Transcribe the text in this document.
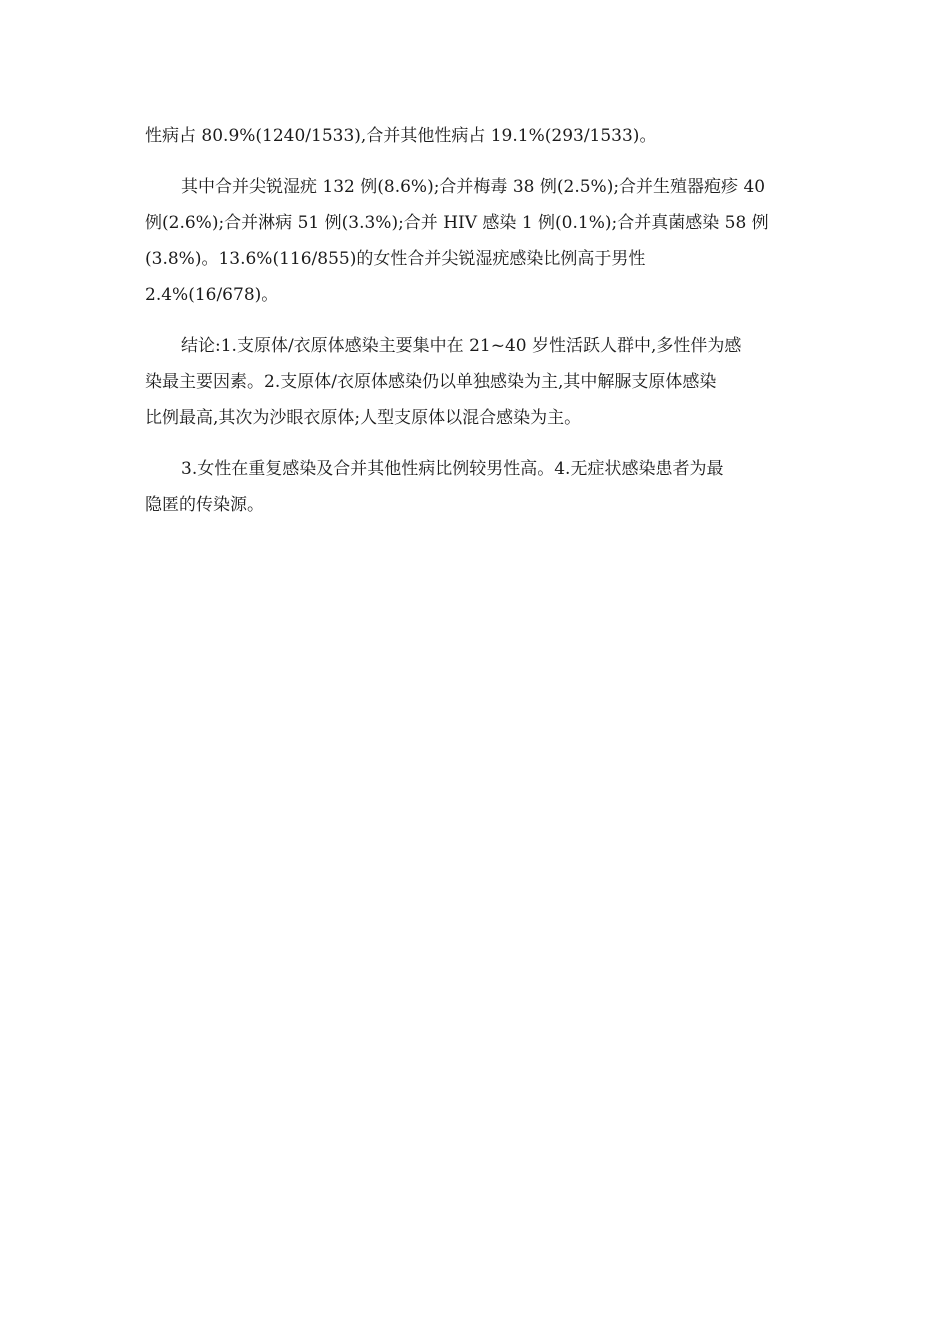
性病占 80.9%(1240/1533),合并其他性病占 19.1%(293/1533)。

其中合并尖锐湿疣 132 例(8.6%);合并梅毒 38 例(2.5%);合并生殖器疱疹 40
例(2.6%);合并淋病 51 例(3.3%);合并 HIV 感染 1 例(0.1%);合并真菌感染 58 例
(3.8%)。13.6%(116/855)的女性合并尖锐湿疣感染比例高于男性
2.4%(16/678)。

结论:1.支原体/衣原体感染主要集中在 21~40 岁性活跃人群中,多性伴为感
染最主要因素。2.支原体/衣原体感染仍以单独感染为主,其中解脲支原体感染
比例最高,其次为沙眼衣原体;人型支原体以混合感染为主。

3.女性在重复感染及合并其他性病比例较男性高。4.无症状感染患者为最
隐匿的传染源。
